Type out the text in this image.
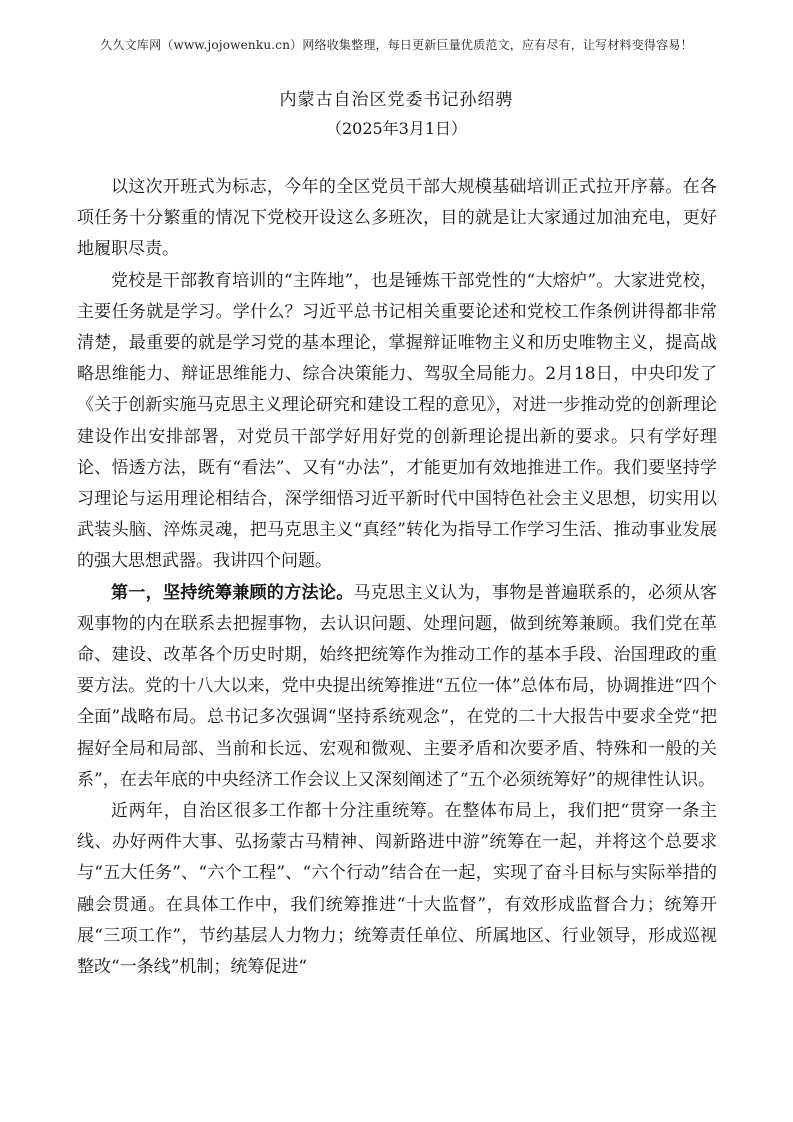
久久文库网（www.jojowenku.cn）网络收集整理，每日更新巨量优质范文，应有尽有，让写材料变得容易！
内蒙古自治区党委书记孙绍骋
（2025年3月1日）

以这次开班式为标志，今年的全区党员干部大规模基础培训正式拉开序幕。在各项任务十分繁重的情况下党校开设这么多班次，目的就是让大家通过加油充电，更好地履职尽责。

党校是干部教育培训的“主阵地”，也是锤炼干部党性的“大熔炉”。大家进党校，主要任务就是学习。学什么？习近平总书记相关重要论述和党校工作条例讲得都非常清楚，最重要的就是学习党的基本理论，掌握辩证唯物主义和历史唯物主义，提高战略思维能力、辩证思维能力、综合决策能力、驾驭全局能力。2月18日，中央印发了《关于创新实施马克思主义理论研究和建设工程的意见》，对进一步推动党的创新理论建设作出安排部署，对党员干部学好用好党的创新理论提出新的要求。只有学好理论、悟透方法，既有“看法”、又有“办法”，才能更加有效地推进工作。我们要坚持学习理论与运用理论相结合，深学细悟习近平新时代中国特色社会主义思想，切实用以武装头脑、淬炼灵魂，把马克思主义“真经”转化为指导工作学习生活、推动事业发展的强大思想武器。我讲四个问题。

第一，坚持统筹兼顾的方法论。马克思主义认为，事物是普遍联系的，必须从客观事物的内在联系去把握事物，去认识问题、处理问题，做到统筹兼顾。我们党在革命、建设、改革各个历史时期，始终把统筹作为推动工作的基本手段、治国理政的重要方法。党的十八大以来，党中央提出统筹推进“五位一体”总体布局，协调推进“四个全面”战略布局。总书记多次强调“坚持系统观念”，在党的二十大报告中要求全党“把握好全局和局部、当前和长远、宏观和微观、主要矛盾和次要矛盾、特殊和一般的关系”，在去年底的中央经济工作会议上又深刻阐述了“五个必须统筹好”的规律性认识。

近两年，自治区很多工作都十分注重统筹。在整体布局上，我们把“贯穿一条主线、办好两件大事、弘扬蒙古马精神、闯新路进中游”统筹在一起，并将这个总要求与“五大任务”、“六个工程”、“六个行动”结合在一起，实现了奋斗目标与实际举措的融会贯通。在具体工作中，我们统筹推进“十大监督”，有效形成监督合力；统筹开展“三项工作”，节约基层人力物力；统筹责任单位、所属地区、行业领导，形成巡视整改“一条线”机制；统筹促进“
